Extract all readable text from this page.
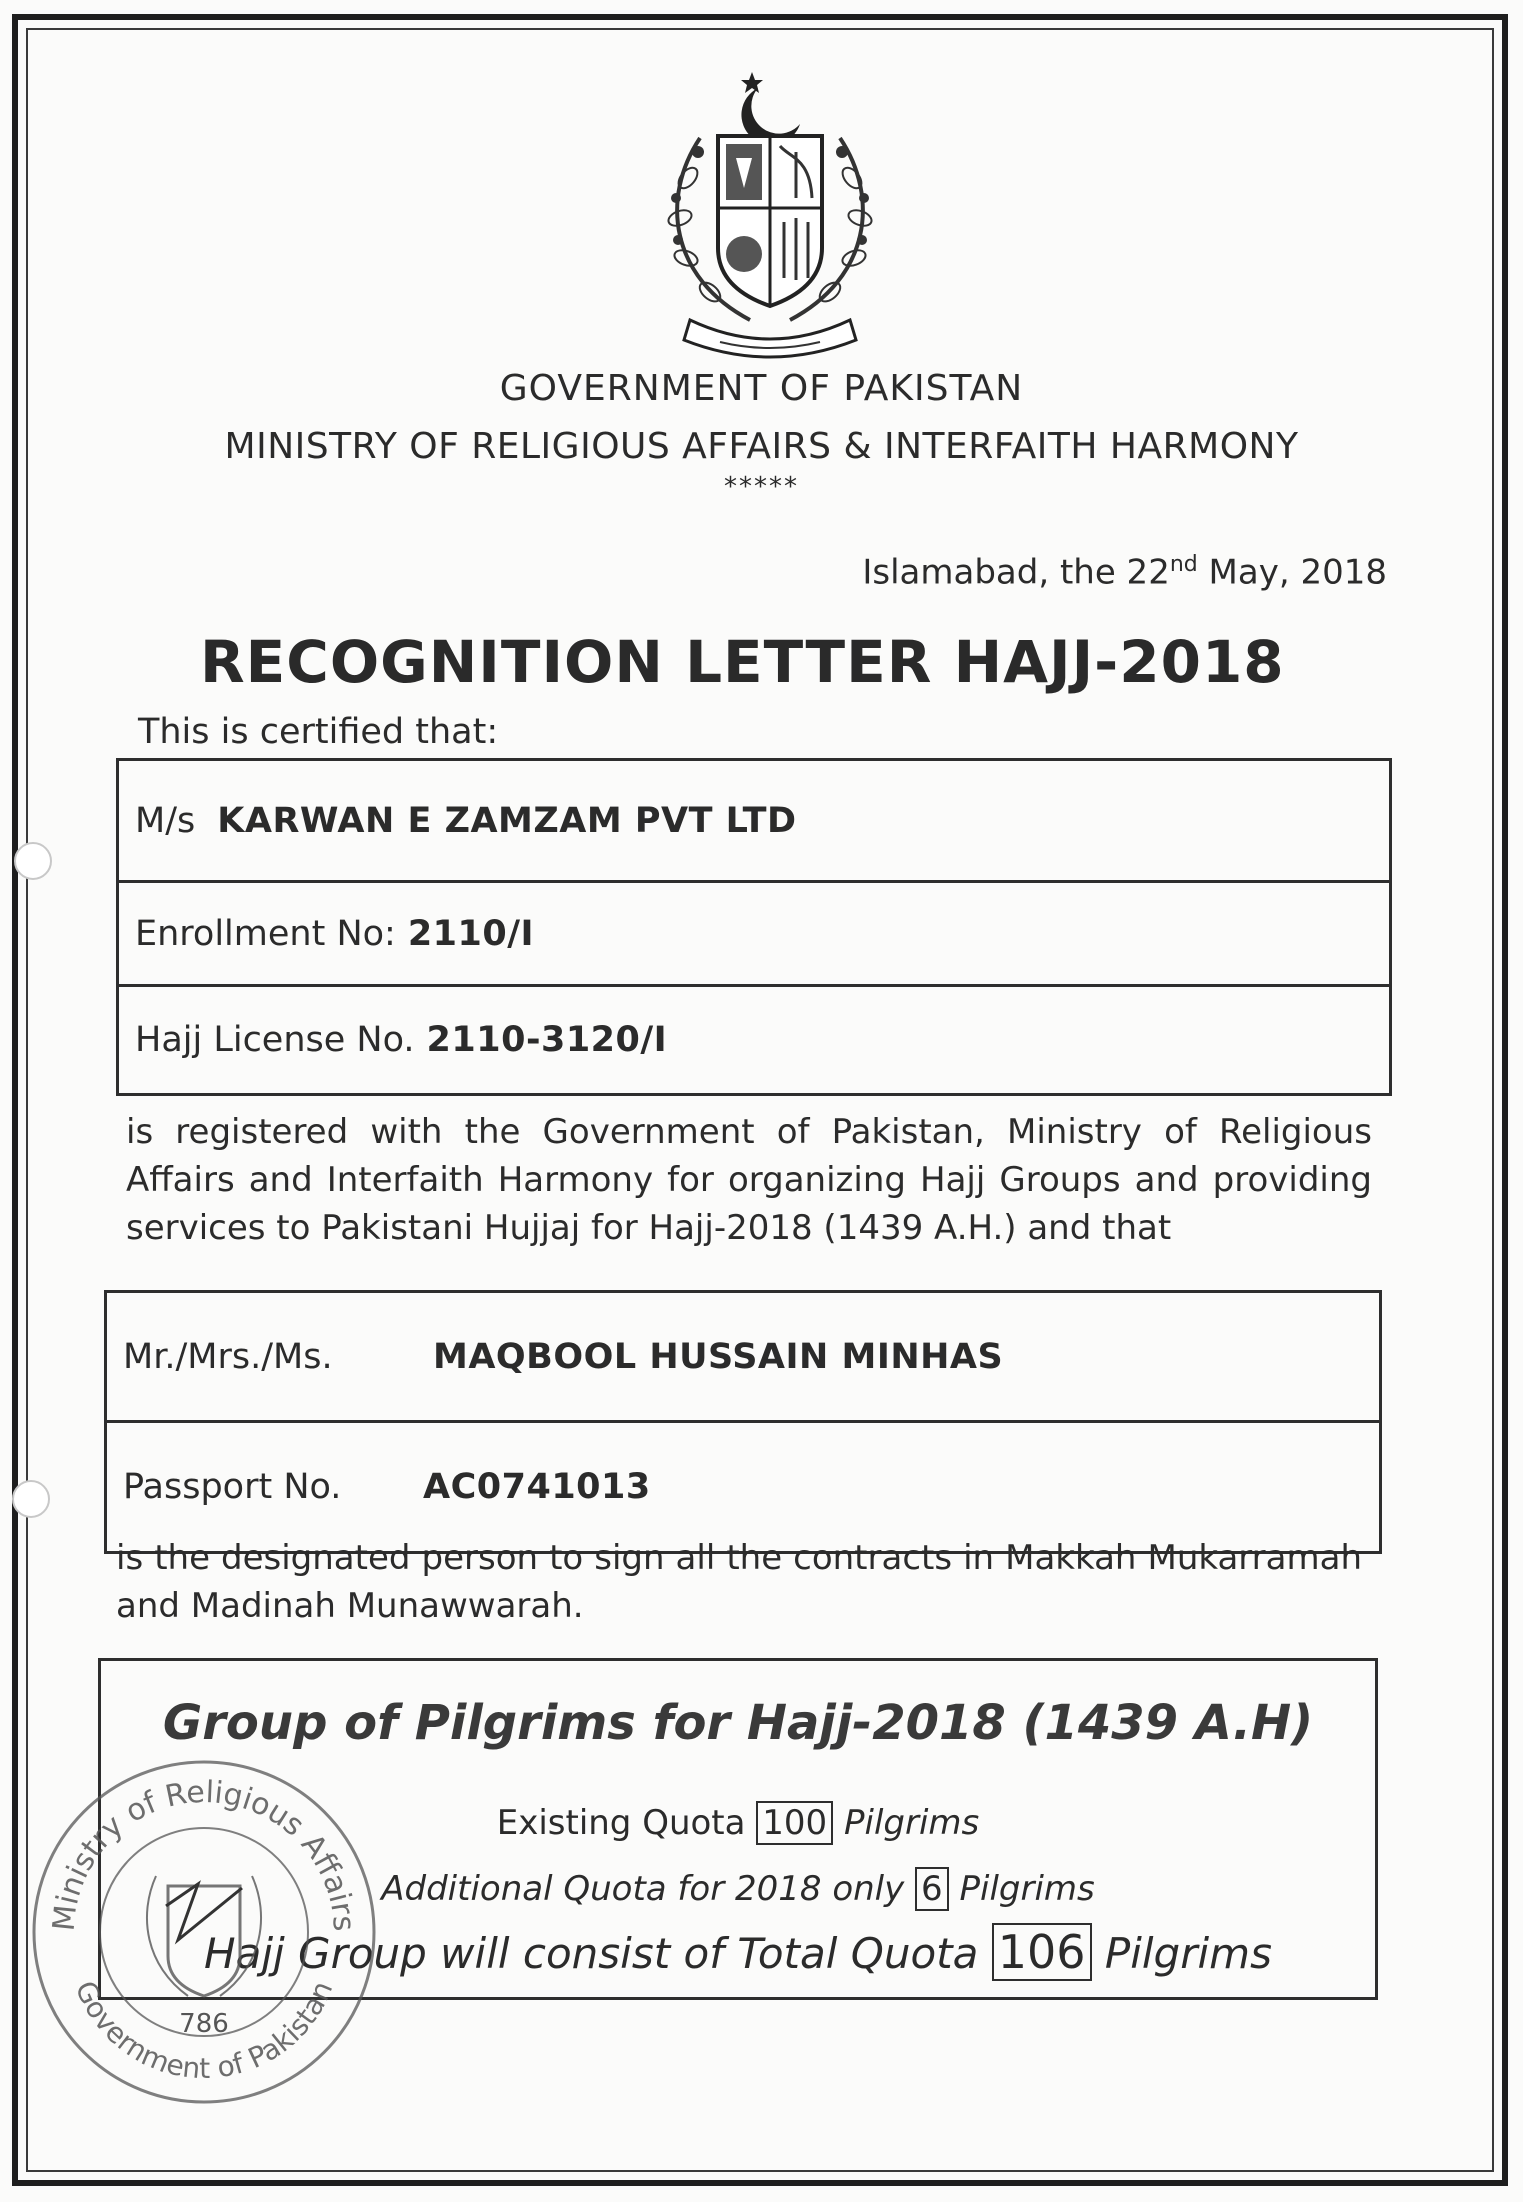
GOVERNMENT OF PAKISTAN
MINISTRY OF RELIGIOUS AFFAIRS & INTERFAITH HARMONY
*****
Islamabad, the 22nd May, 2018
RECOGNITION LETTER HAJJ-2018
This is certified that:
M/s KARWAN E ZAMZAM PVT LTD
Enrollment No: 2110/I
Hajj License No. 2110-3120/I
is registered with the Government of Pakistan, Ministry of Religious Affairs and Interfaith Harmony for organizing Hajj Groups and providing services to Pakistani Hujjaj for Hajj-2018 (1439 A.H.) and that
Mr./Mrs./Ms.	MAQBOOL HUSSAIN MINHAS
Passport No.	AC0741013
is the designated person to sign all the contracts in Makkah Mukarramah and Madinah Munawwarah.
Group of Pilgrims for Hajj-2018 (1439 A.H)
Existing Quota 100 Pilgrims
Additional Quota for 2018 only 6 Pilgrims
Hajj Group will consist of Total Quota 106 Pilgrims
Ministry of Religious Affairs
Government of Pakistan
786
